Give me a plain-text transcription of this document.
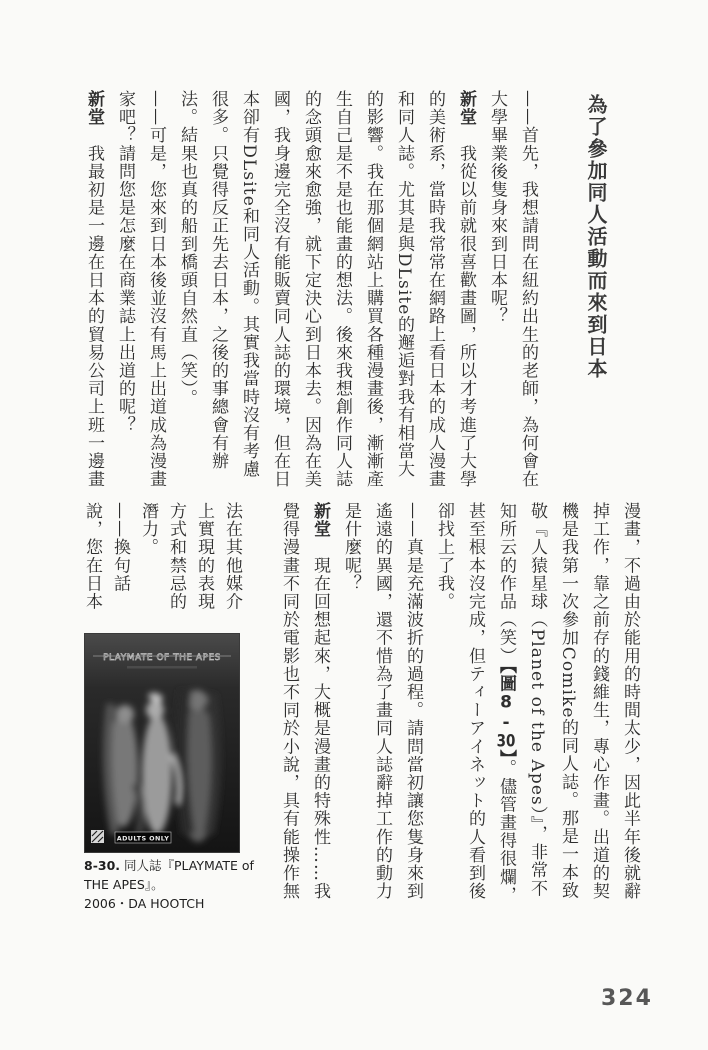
為了參加同人活動而來到日本

——首先，我想請問在紐約出生的老師，為何會在大學畢業後隻身來到日本呢？

新堂　我從以前就很喜歡畫圖，所以才考進了大學的美術系，當時我常常在網路上看日本的成人漫畫和同人誌。尤其是與DLsite的邂逅對我有相當大的影響。我在那個網站上購買各種漫畫後，漸漸產生自己是不是也能畫的想法。後來我想創作同人誌的念頭愈來愈強，就下定決心到日本去。因為在美國，我身邊完全沒有能販賣同人誌的環境，但在日本卻有DLsite和同人活動。其實我當時沒有考慮很多。只覺得反正先去日本，之後的事總會有辦法。結果也真的船到橋頭自然直（笑）。

——可是，您來到日本後並沒有馬上出道成為漫畫家吧？請問您是怎麼在商業誌上出道的呢？

新堂　我最初是一邊在日本的貿易公司上班一邊畫

漫畫，不過由於能用的時間太少，因此半年後就辭掉工作，靠之前存的錢維生，專心作畫。出道的契機是我第一次參加Comike的同人誌。那是一本致敬『人猿星球（Planet of the Apes）』，非常不知所云的作品（笑）【圖8-30】。儘管畫得很爛，甚至根本沒完成，但ティーアイネット的人看到後卻找上了我。

——真是充滿波折的過程。請問當初讓您隻身來到遙遠的異國，還不惜為了畫同人誌辭掉工作的動力是什麼呢？

新堂　現在回想起來，大概是漫畫的特殊性……我覺得漫畫不同於電影也不同於小說，具有能操作無

法在其他媒介上實現的表現方式和禁忌的潛力。

——換句話說，您在日本

PLAYMATE OF THE APES
ADULTS ONLY
8-30. 同人誌『PLAYMATE of THE APES』。
2006・DA HOOTCH
324
